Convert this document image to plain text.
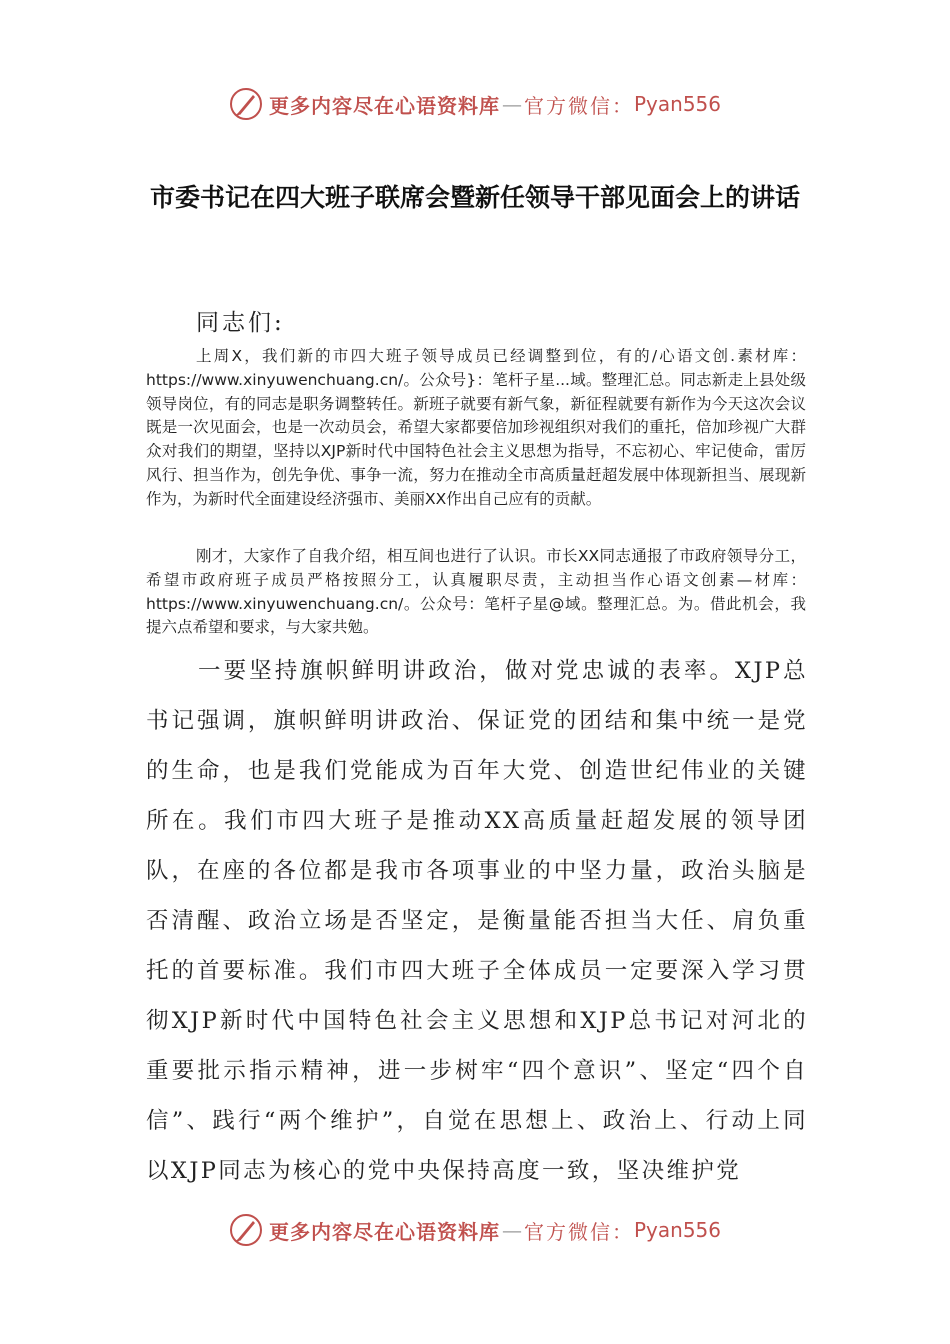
更多内容尽在心语资料库 — 官方微信： Pyan556
市委书记在四大班子联席会暨新任领导干部见面会上的讲话
同志们:

上周X，我们新的市四大班子领导成员已经调整到位，有的/心语文创.素材库：https://www.xinyuwenchuang.cn/。公众号}：笔杆子星...域。整理汇总。同志新走上县处级领导岗位，有的同志是职务调整转任。新班子就要有新气象，新征程就要有新作为今天这次会议既是一次见面会，也是一次动员会，希望大家都要倍加珍视组织对我们的重托，倍加珍视广大群众对我们的期望，坚持以XJP新时代中国特色社会主义思想为指导，不忘初心、牢记使命，雷厉风行、担当作为，创先争优、事争一流，努力在推动全市高质量赶超发展中体现新担当、展现新作为，为新时代全面建设经济强市、美丽XX作出自己应有的贡献。

刚才，大家作了自我介绍，相互间也进行了认识。市长XX同志通报了市政府领导分工，希望市政府班子成员严格按照分工，认真履职尽责，主动担当作心语文创素—材库：https://www.xinyuwenchuang.cn/。公众号：笔杆子星@域。整理汇总。为。借此机会，我提六点希望和要求，与大家共勉。

一要坚持旗帜鲜明讲政治，做对党忠诚的表率。XJP总书记强调，旗帜鲜明讲政治、保证党的团结和集中统一是党的生命，也是我们党能成为百年大党、创造世纪伟业的关键所在。我们市四大班子是推动XX高质量赶超发展的领导团队，在座的各位都是我市各项事业的中坚力量，政治头脑是否清醒、政治立场是否坚定，是衡量能否担当大任、肩负重托的首要标准。我们市四大班子全体成员一定要深入学习贯彻XJP新时代中国特色社会主义思想和XJP总书记对河北的重要批示指示精神，进一步树牢“四个意识”、坚定“四个自信”、践行“两个维护”，自觉在思想上、政治上、行动上同以XJP同志为核心的党中央保持高度一致，坚决维护党

更多内容尽在心语资料库 — 官方微信： Pyan556
